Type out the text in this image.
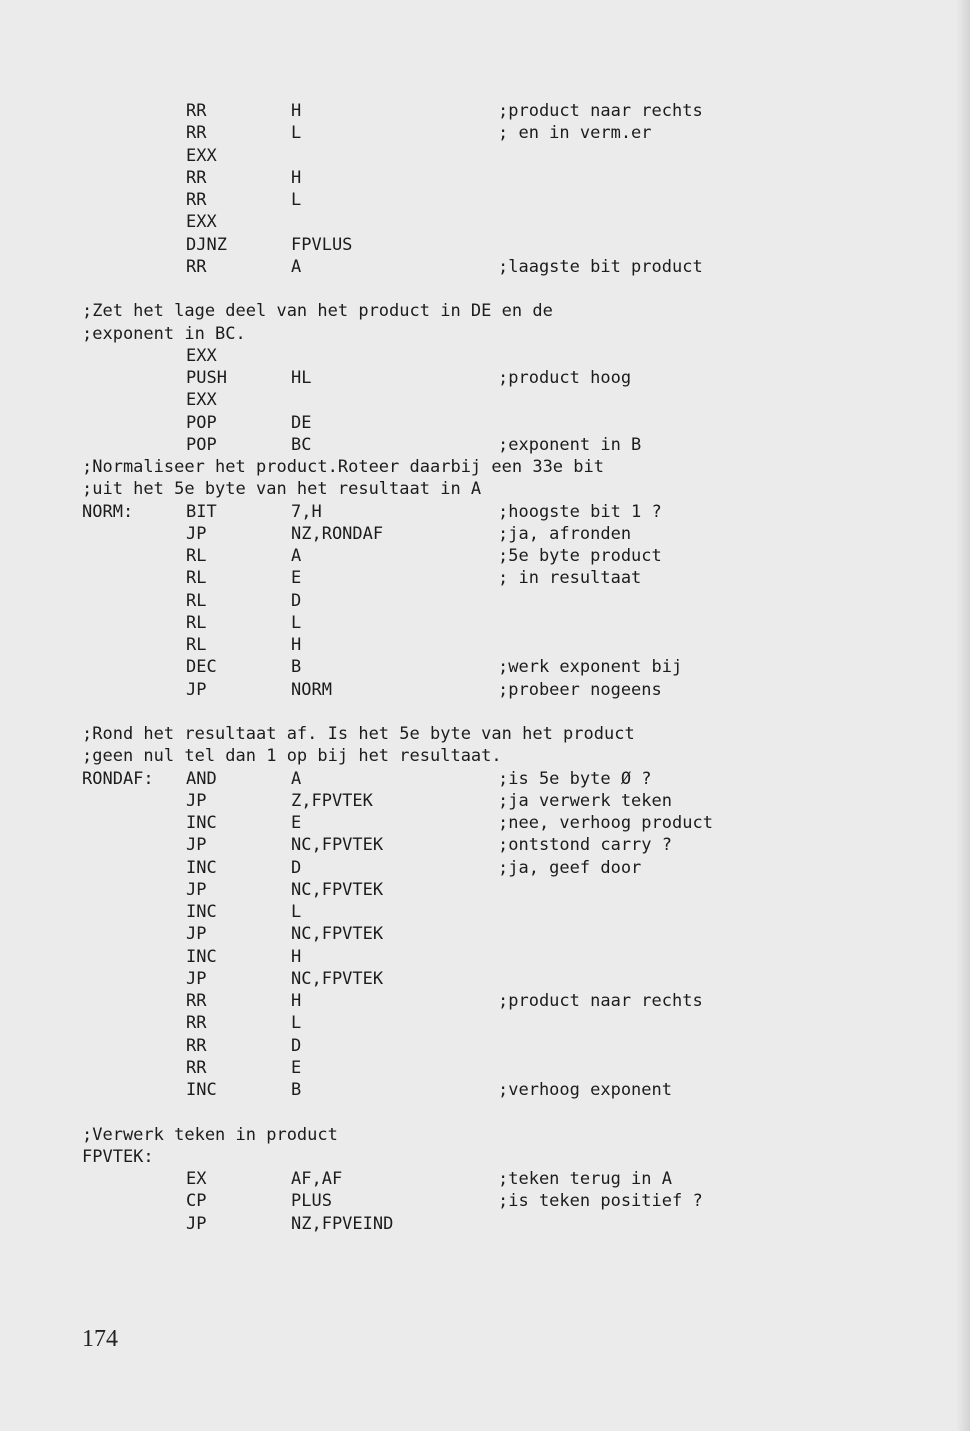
RR	H	;product naar rechts
RR	L	; en in verm.er
EXX
RR	H
RR	L
EXX
DJNZ	FPVLUS
RR	A	;laagste bit product
;Zet het lage deel van het product in DE en de
;exponent in BC.
EXX
PUSH	HL	;product hoog
EXX
POP	DE
POP	BC	;exponent in B
;Normaliseer het product.Roteer daarbij een 33e bit
;uit het 5e byte van het resultaat in A
NORM:	BIT	7,H	;hoogste bit 1 ?
JP	NZ,RONDAF	;ja, afronden
RL	A	;5e byte product
RL	E	; in resultaat
RL	D
RL	L
RL	H
DEC	B	;werk exponent bij
JP	NORM	;probeer nogeens
;Rond het resultaat af. Is het 5e byte van het product
;geen nul tel dan 1 op bij het resultaat.
RONDAF: AND	A	;is 5e byte Ø ?
JP	Z,FPVTEK	;ja verwerk teken
INC	E	;nee, verhoog product
JP	NC,FPVTEK	;ontstond carry ?
INC	D	;ja, geef door
JP	NC,FPVTEK
INC	L
JP	NC,FPVTEK
INC	H
JP	NC,FPVTEK
RR	H	;product naar rechts
RR	L
RR	D
RR	E
INC	B	;verhoog exponent
;Verwerk teken in product
FPVTEK:
EX	AF,AF	;teken terug in A
CP	PLUS	;is teken positief ?
JP	NZ,FPVEIND
174
